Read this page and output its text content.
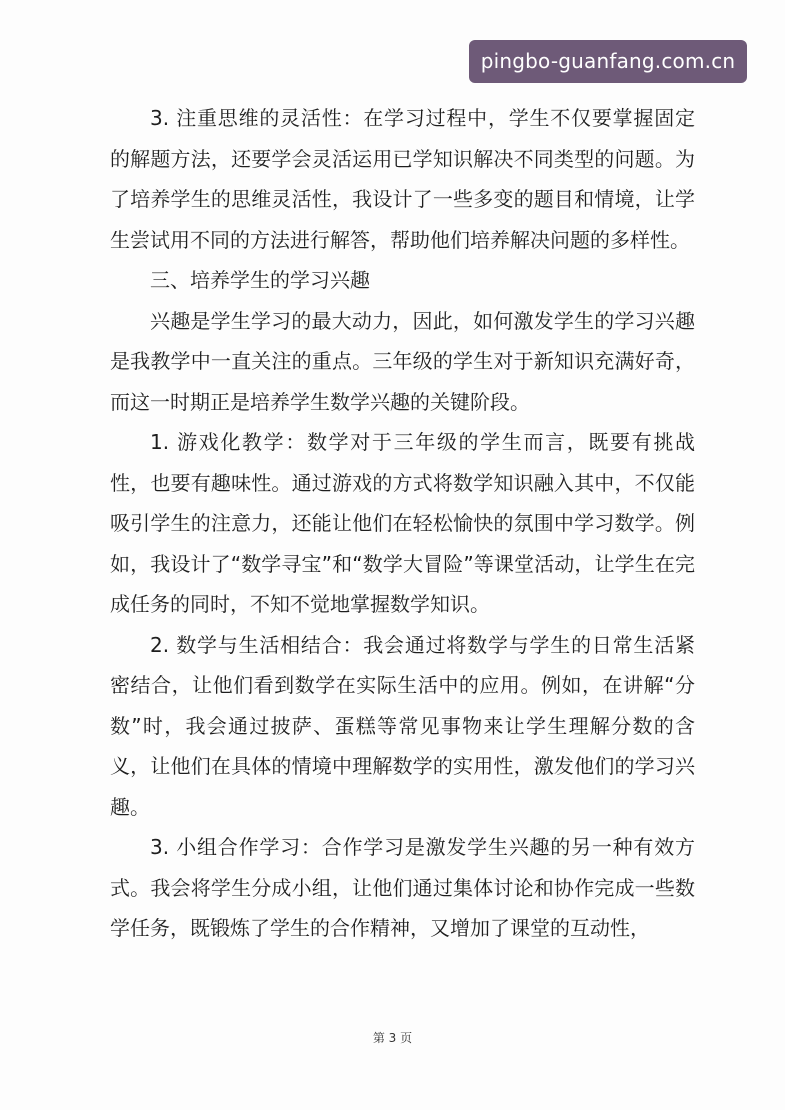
pingbo-guanfang.com.cn

3. 注重思维的灵活性：在学习过程中，学生不仅要掌握固定的解题方法，还要学会灵活运用已学知识解决不同类型的问题。为了培养学生的思维灵活性，我设计了一些多变的题目和情境，让学生尝试用不同的方法进行解答，帮助他们培养解决问题的多样性。

三、培养学生的学习兴趣

兴趣是学生学习的最大动力，因此，如何激发学生的学习兴趣是我教学中一直关注的重点。三年级的学生对于新知识充满好奇，而这一时期正是培养学生数学兴趣的关键阶段。

1. 游戏化教学：数学对于三年级的学生而言，既要有挑战性，也要有趣味性。通过游戏的方式将数学知识融入其中，不仅能吸引学生的注意力，还能让他们在轻松愉快的氛围中学习数学。例如，我设计了“数学寻宝”和“数学大冒险”等课堂活动，让学生在完成任务的同时，不知不觉地掌握数学知识。

2. 数学与生活相结合：我会通过将数学与学生的日常生活紧密结合，让他们看到数学在实际生活中的应用。例如，在讲解“分数”时，我会通过披萨、蛋糕等常见事物来让学生理解分数的含义，让他们在具体的情境中理解数学的实用性，激发他们的学习兴趣。

3. 小组合作学习：合作学习是激发学生兴趣的另一种有效方式。我会将学生分成小组，让他们通过集体讨论和协作完成一些数学任务，既锻炼了学生的合作精神，又增加了课堂的互动性，

第 3 页
